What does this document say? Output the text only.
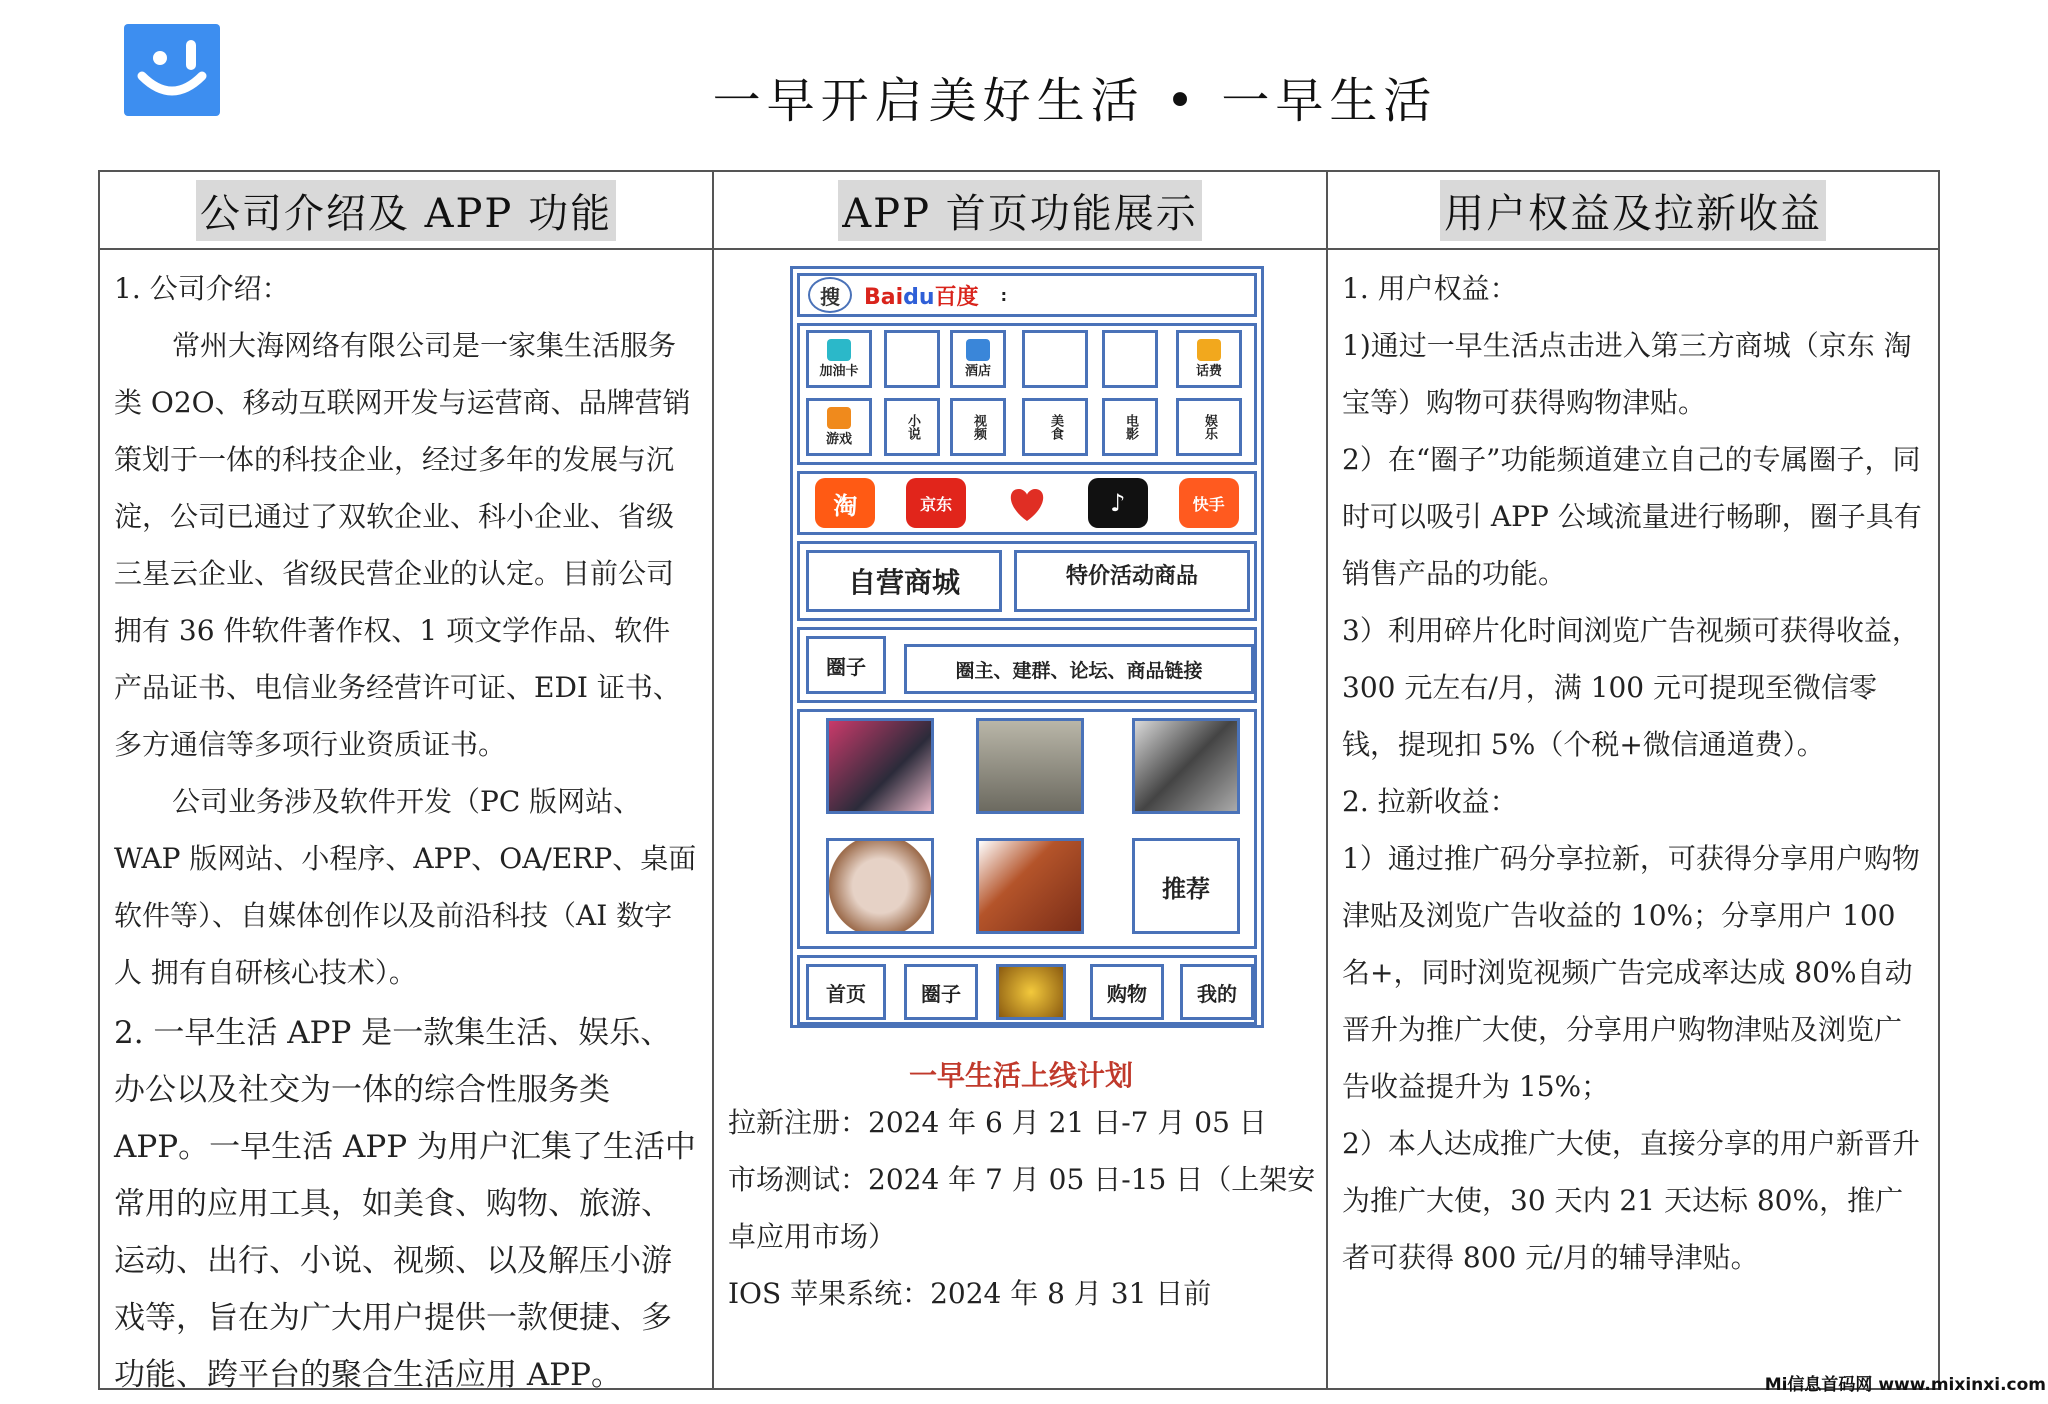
一早开启美好生活 • 一早生活
公司介绍及 APP 功能

1. 公司介绍：

常州大海网络有限公司是一家集生活服务类 O2O、移动互联网开发与运营商、品牌营销策划于一体的科技企业，经过多年的发展与沉淀，公司已通过了双软企业、科小企业、省级三星云企业、省级民营企业的认定。目前公司拥有 36 件软件著作权、1 项文学作品、软件产品证书、电信业务经营许可证、EDI 证书、多方通信等多项行业资质证书。

公司业务涉及软件开发（PC 版网站、WAP 版网站、小程序、APP、OA/ERP、桌面软件等）、自媒体创作以及前沿科技（AI 数字人 拥有自研核心技术）。

2. 一早生活 APP 是一款集生活、娱乐、办公以及社交为一体的综合性服务类 APP。一早生活 APP 为用户汇集了生活中常用的应用工具，如美食、购物、旅游、运动、出行、小说、视频、以及解压小游戏等，旨在为广大用户提供一款便捷、多功能、跨平台的聚合生活应用 APP。

APP 首页功能展示
搜	Baidu百度 :
加油卡	酒店	话费
游戏	小说	视频	美食	电影	娱乐
淘	京东	♪	快手
自营商城	特价活动商品
圈子	圈主、建群、论坛、商品链接
推荐
首页	圈子	购物	我的
一早生活上线计划

拉新注册：2024 年 6 月 21 日-7 月 05 日

市场测试：2024 年 7 月 05 日-15 日（上架安卓应用市场）

IOS 苹果系统：2024 年 8 月 31 日前

用户权益及拉新收益

1. 用户权益：

1)通过一早生活点击进入第三方商城（京东 淘宝等）购物可获得购物津贴。

2）在“圈子”功能频道建立自己的专属圈子，同时可以吸引 APP 公域流量进行畅聊，圈子具有销售产品的功能。

3）利用碎片化时间浏览广告视频可获得收益，300 元左右/月，满 100 元可提现至微信零钱，提现扣 5%（个税+微信通道费）。

2. 拉新收益：

1）通过推广码分享拉新，可获得分享用户购物津贴及浏览广告收益的 10%；分享用户 100 名+，同时浏览视频广告完成率达成 80%自动晋升为推广大使，分享用户购物津贴及浏览广告收益提升为 15%；

2）本人达成推广大使，直接分享的用户新晋升为推广大使，30 天内 21 天达标 80%，推广者可获得 800 元/月的辅导津贴。

Mi信息首码网 www.mixinxi.com
